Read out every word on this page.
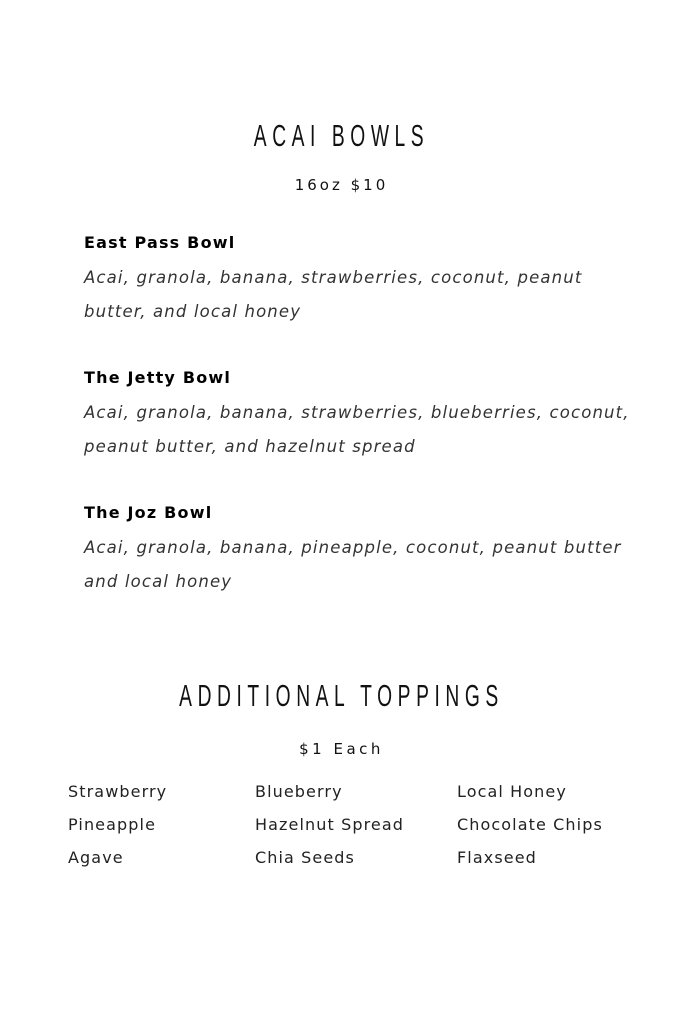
ACAI BOWLS
16oz $10
East Pass Bowl
Acai, granola, banana, strawberries, coconut, peanut butter, and local honey
The Jetty Bowl
Acai, granola, banana, strawberries, blueberries, coconut, peanut butter, and hazelnut spread
The Joz Bowl
Acai, granola, banana, pineapple, coconut, peanut butter and local honey
ADDITIONAL TOPPINGS
$1 Each
Strawberry
Pineapple
Agave
Blueberry
Hazelnut Spread
Chia Seeds
Local Honey
Chocolate Chips
Flaxseed
